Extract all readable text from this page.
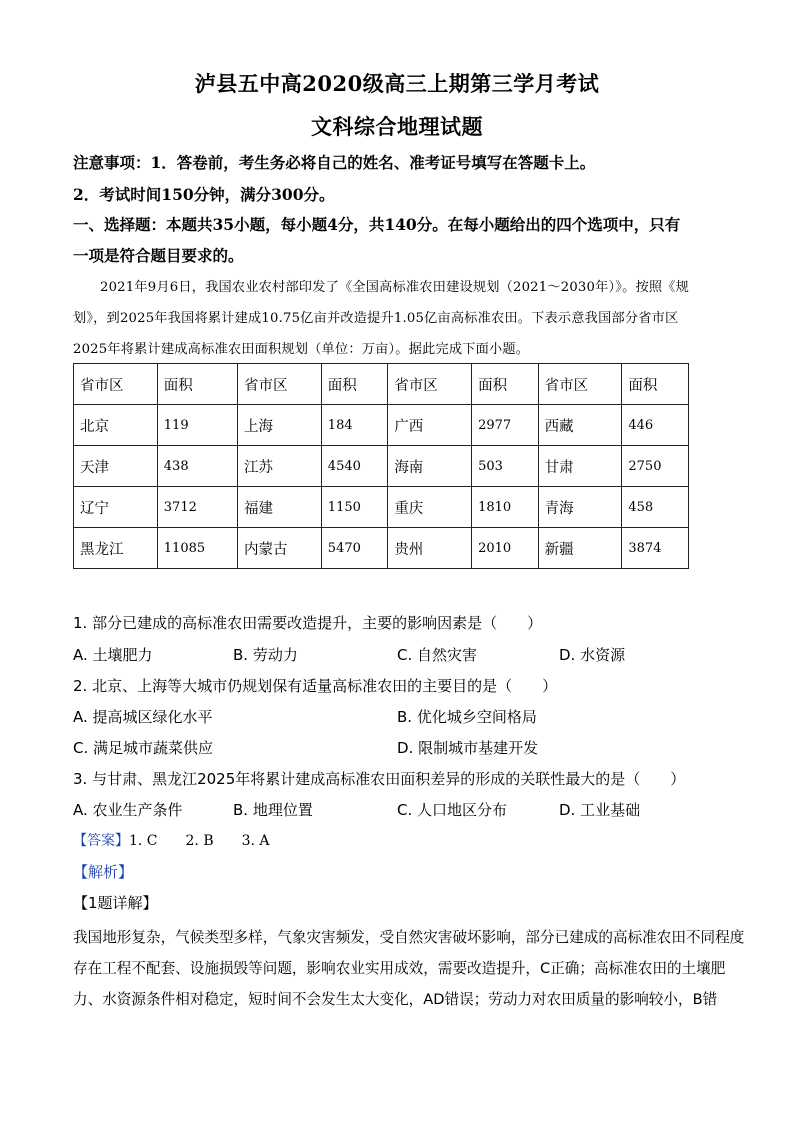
泸县五中高2020级高三上期第三学月考试
文科综合地理试题
注意事项：1．答卷前，考生务必将自己的姓名、准考证号填写在答题卡上。
2．考试时间150分钟，满分300分。
一、选择题：本题共35小题，每小题4分，共140分。在每小题给出的四个选项中，只有
一项是符合题目要求的。
2021年9月6日，我国农业农村部印发了《全国高标准农田建设规划（2021～2030年）》。按照《规
划》，到2025年我国将累计建成10.75亿亩并改造提升1.05亿亩高标准农田。下表示意我国部分省市区
2025年将累计建成高标准农田面积规划（单位：万亩）。据此完成下面小题。
省市区	面积	省市区	面积	省市区	面积	省市区	面积
北京	119	上海	184	广西	2977	西藏	446
天津	438	江苏	4540	海南	503	甘肃	2750
辽宁	3712	福建	1150	重庆	1810	青海	458
黑龙江	11085	内蒙古	5470	贵州	2010	新疆	3874
1. 部分已建成的高标准农田需要改造提升，主要的影响因素是（　　）
A. 土壤肥力	B. 劳动力	C. 自然灾害	D. 水资源
2. 北京、上海等大城市仍规划保有适量高标准农田的主要目的是（　　）
A. 提高城区绿化水平	B. 优化城乡空间格局
C. 满足城市蔬菜供应	D. 限制城市基建开发
3. 与甘肃、黑龙江2025年将累计建成高标准农田面积差异的形成的关联性最大的是（　　）
A. 农业生产条件	B. 地理位置	C. 人口地区分布	D. 工业基础
【答案】1. C　　2. B　　3. A
【解析】
【1题详解】
我国地形复杂，气候类型多样，气象灾害频发，受自然灾害破坏影响，部分已建成的高标准农田不同程度
存在工程不配套、设施损毁等问题，影响农业实用成效，需要改造提升，C正确；高标准农田的土壤肥
力、水资源条件相对稳定，短时间不会发生太大变化，AD错误；劳动力对农田质量的影响较小，B错
